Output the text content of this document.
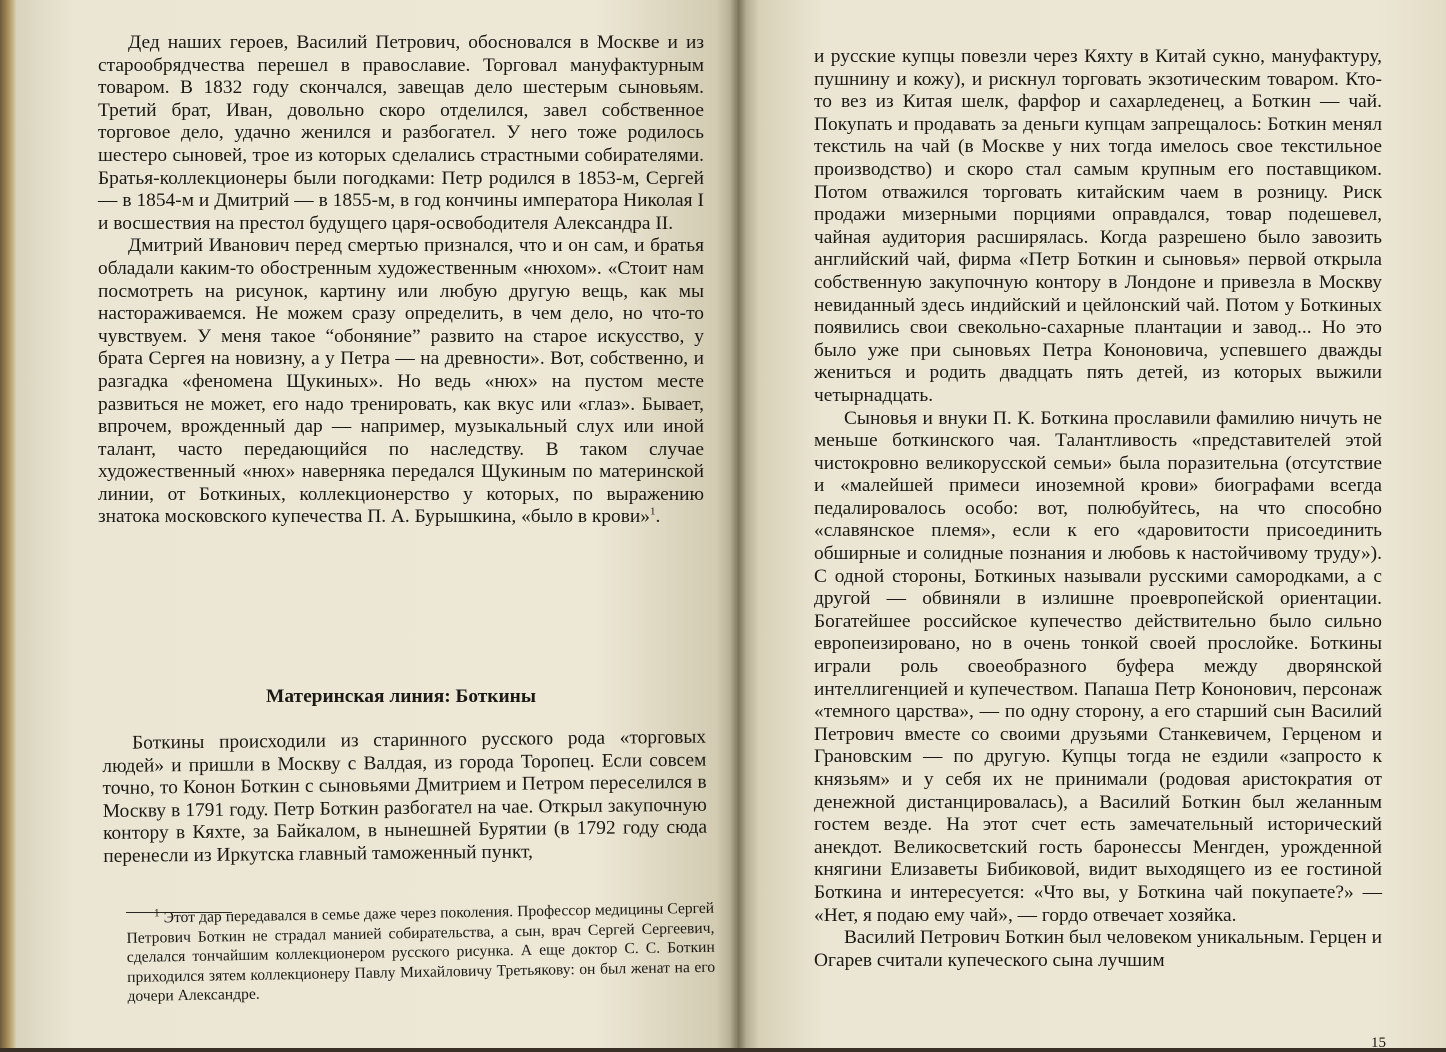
Дед наших героев, Василий Петрович, обосновался в Москве и из старообрядчества перешел в православие. Торговал мануфактурным товаром. В 1832 году скончался, завещав дело шестерым сыновьям. Третий брат, Иван, довольно скоро отделился, завел собственное торговое дело, удачно женился и разбогател. У него тоже родилось шестеро сыновей, трое из которых сделались страстными собирателями. Братья-коллекционеры были погодками: Петр родился в 1853-м, Сергей — в 1854-м и Дмитрий — в 1855-м, в год кончины императора Николая I и восшествия на престол будущего царя-освободителя Александра II.

Дмитрий Иванович перед смертью признался, что и он сам, и братья обладали каким-то обостренным художественным «нюхом». «Стоит нам посмотреть на рисунок, картину или любую другую вещь, как мы настораживаемся. Не можем сразу определить, в чем дело, но что-то чувствуем. У меня такое “обоняние” развито на старое искусство, у брата Сергея на новизну, а у Петра — на древности». Вот, собственно, и разгадка «феномена Щукиных». Но ведь «нюх» на пустом месте развиться не может, его надо тренировать, как вкус или «глаз». Бывает, впрочем, врожденный дар — например, музыкальный слух или иной талант, часто передающийся по наследству. В таком случае художественный «нюх» наверняка передался Щукиным по материнской линии, от Боткиных, коллекционерство у которых, по выражению знатока московского купечества П. А. Бурышкина, «было в крови»$^1$.

Материнская линия: Боткины

Боткины происходили из старинного русского рода «торговых людей» и пришли в Москву с Валдая, из города Торопец. Если совсем точно, то Конон Боткин с сыновьями Дмитрием и Петром переселился в Москву в 1791 году. Петр Боткин разбогател на чае. Открыл закупочную контору в Кяхте, за Байкалом, в нынешней Бурятии (в 1792 году сюда перенесли из Иркутска главный таможенный пункт,

$^1$ Этот дар передавался в семье даже через поколения. Профессор медицины Сергей Петрович Боткин не страдал манией собирательства, а сын, врач Сергей Сергеевич, сделался тончайшим коллекционером русского рисунка. А еще доктор С. С. Боткин приходился зятем коллекционеру Павлу Михайловичу Третьякову: он был женат на его дочери Александре.

и русские купцы повезли через Кяхту в Китай сукно, мануфактуру, пушнину и кожу), и рискнул торговать экзотическим товаром. Кто-то вез из Китая шелк, фарфор и сахарледенец, а Боткин — чай. Покупать и продавать за деньги купцам запрещалось: Боткин менял текстиль на чай (в Москве у них тогда имелось свое текстильное производство) и скоро стал самым крупным его поставщиком. Потом отважился торговать китайским чаем в розницу. Риск продажи мизерными порциями оправдался, товар подешевел, чайная аудитория расширялась. Когда разрешено было завозить английский чай, фирма «Петр Боткин и сыновья» первой открыла собственную закупочную контору в Лондоне и привезла в Москву невиданный здесь индийский и цейлонский чай. Потом у Боткиных появились свои свекольно-сахарные плантации и завод... Но это было уже при сыновьях Петра Кононовича, успевшего дважды жениться и родить двадцать пять детей, из которых выжили четырнадцать.

Сыновья и внуки П. К. Боткина прославили фамилию ничуть не меньше боткинского чая. Талантливость «представителей этой чистокровно великорусской семьи» была поразительна (отсутствие и «малейшей примеси иноземной крови» биографами всегда педалировалось особо: вот, полюбуйтесь, на что способно «славянское племя», если к его «даровитости присоединить обширные и солидные познания и любовь к настойчивому труду»). С одной стороны, Боткиных называли русскими самородками, а с другой — обвиняли в излишне проевропейской ориентации. Богатейшее российское купечество действительно было сильно европеизировано, но в очень тонкой своей прослойке. Боткины играли роль своеобразного буфера между дворянской интеллигенцией и купечеством. Папаша Петр Кононович, персонаж «темного царства», — по одну сторону, а его старший сын Василий Петрович вместе со своими друзьями Станкевичем, Герценом и Грановским — по другую. Купцы тогда не ездили «запросто к князьям» и у себя их не принимали (родовая аристократия от денежной дистанцировалась), а Василий Боткин был желанным гостем везде. На этот счет есть замечательный исторический анекдот. Великосветский гость баронессы Менгден, урожденной княгини Елизаветы Бибиковой, видит выходящего из ее гостиной Боткина и интересуется: «Что вы, у Боткина чай покупаете?» — «Нет, я подаю ему чай», — гордо отвечает хозяйка.

Василий Петрович Боткин был человеком уникальным. Герцен и Огарев считали купеческого сына лучшим

15
